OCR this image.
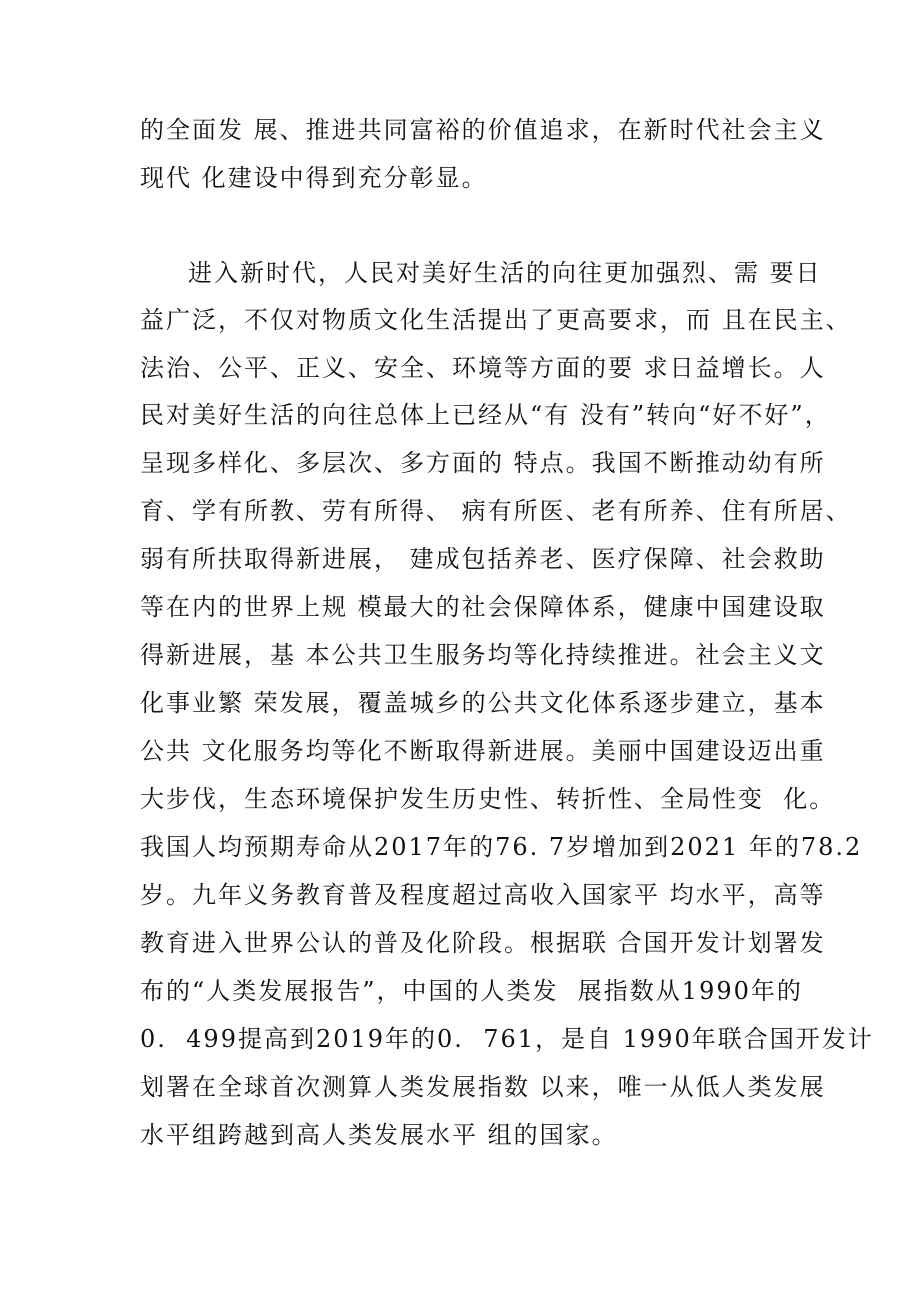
的全面发 展、推进共同富裕的价值追求，在新时代社会主义
现代 化建设中得到充分彰显。
进入新时代，人民对美好生活的向往更加强烈、需 要日
益广泛，不仅对物质文化生活提出了更高要求，而 且在民主、
法治、公平、正义、安全、环境等方面的要 求日益增长。人
民对美好生活的向往总体上已经从“有 没有”转向“好不好”，
呈现多样化、多层次、多方面的 特点。我国不断推动幼有所
育、学有所教、劳有所得、 病有所医、老有所养、住有所居、
弱有所扶取得新进展， 建成包括养老、医疗保障、社会救助
等在内的世界上规 模最大的社会保障体系，健康中国建设取
得新进展，基 本公共卫生服务均等化持续推进。社会主义文
化事业繁 荣发展，覆盖城乡的公共文化体系逐步建立，基本
公共 文化服务均等化不断取得新进展。美丽中国建设迈出重
大步伐，生态环境保护发生历史性、转折性、全局性变  化。
我国人均预期寿命从2017年的76. 7岁增加到2021 年的78.2
岁。九年义务教育普及程度超过高收入国家平 均水平，高等
教育进入世界公认的普及化阶段。根据联 合国开发计划署发
布的“人类发展报告”，中国的人类发  展指数从1990年的
0.  499提高到2019年的0.  761，是自 1990年联合国开发计
划署在全球首次测算人类发展指数 以来，唯一从低人类发展
水平组跨越到高人类发展水平 组的国家。
